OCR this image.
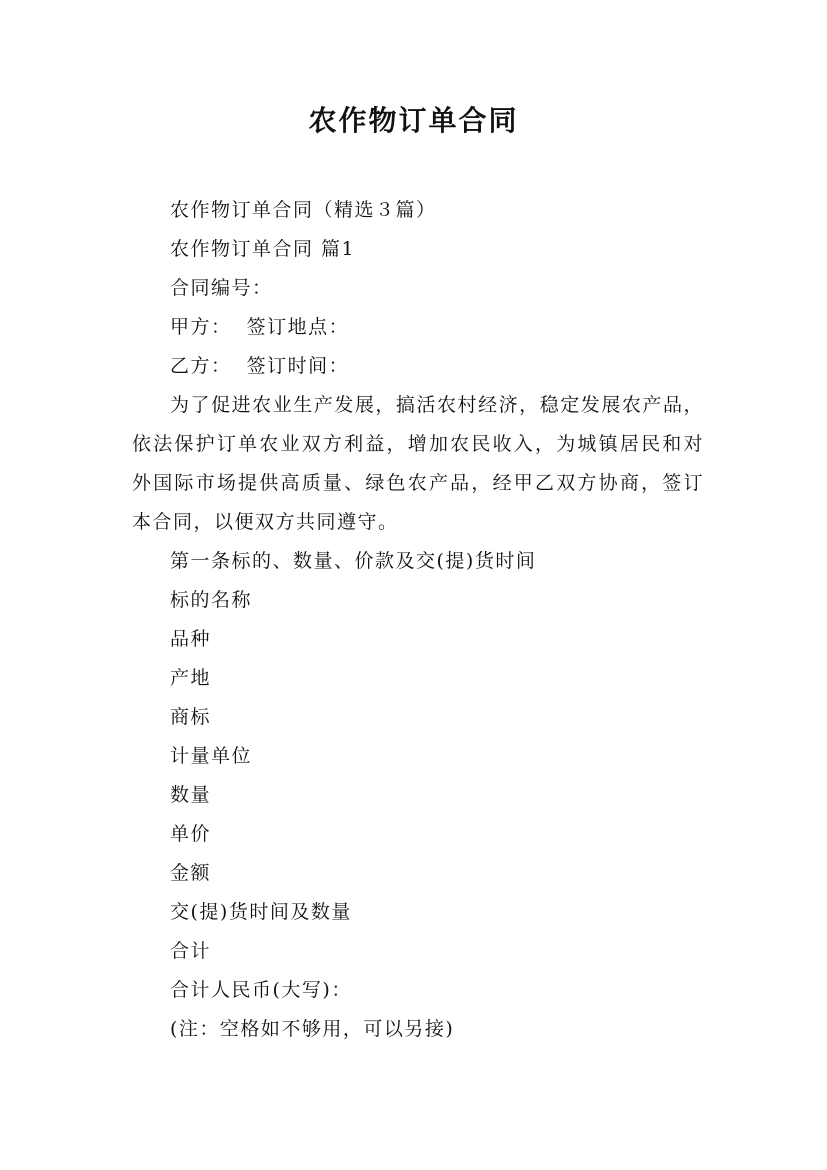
农作物订单合同

农作物订单合同（精选３篇）

农作物订单合同 篇1

合同编号：

甲方：  签订地点：

乙方：  签订时间：

为了促进农业生产发展，搞活农村经济，稳定发展农产品，依法保护订单农业双方利益，增加农民收入，为城镇居民和对外国际市场提供高质量、绿色农产品，经甲乙双方协商，签订本合同，以便双方共同遵守。

第一条标的、数量、价款及交(提)货时间

标的名称

品种

产地

商标

计量单位

数量

单价

金额

交(提)货时间及数量

合计

合计人民币(大写)：

(注：空格如不够用，可以另接)
